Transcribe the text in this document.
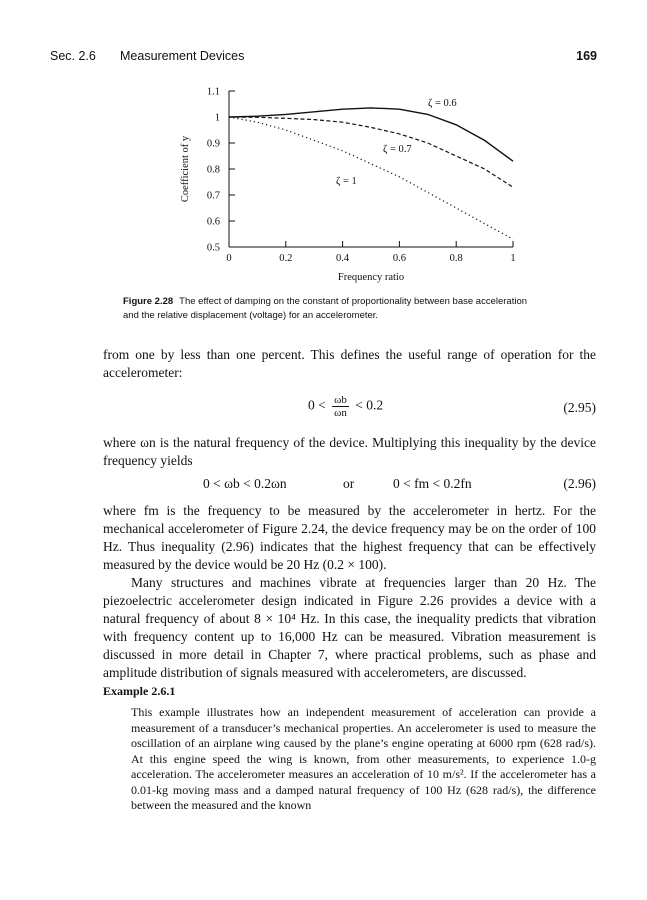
Sec. 2.6 Measurement Devices	169
0.5
0.6
0.7
0.8
0.9
1
1.1
0	0.2	0.4	0.6	0.8	1
ζ = 0.6
ζ = 0.7
ζ = 1
Frequency ratio
Coefficient of y
Figure 2.28 The effect of damping on the constant of proportionality between base acceleration and the relative displacement (voltage) for an accelerometer.

from one by less than one percent. This defines the useful range of operation for the accelerometer:

$0 < \frac{\omega b}{\omega n} < 0.2$	(2.95)

where ωn is the natural frequency of the device. Multiplying this inequality by the device frequency yields

0 < ωb < 0.2ωn	or	0 < fm < 0.2fn	(2.96)

where fm is the frequency to be measured by the accelerometer in hertz. For the mechanical accelerometer of Figure 2.24, the device frequency may be on the order of 100 Hz. Thus inequality (2.96) indicates that the highest frequency that can be effectively measured by the device would be 20 Hz (0.2 × 100).

Many structures and machines vibrate at frequencies larger than 20 Hz. The piezoelectric accelerometer design indicated in Figure 2.26 provides a device with a natural frequency of about 8 × 10⁴ Hz. In this case, the inequality predicts that vibration with frequency content up to 16,000 Hz can be measured. Vibration measurement is discussed in more detail in Chapter 7, where practical problems, such as phase and amplitude distribution of signals measured with accelerometers, are discussed.

Example 2.6.1

This example illustrates how an independent measurement of acceleration can provide a measurement of a transducer’s mechanical properties. An accelerometer is used to measure the oscillation of an airplane wing caused by the plane’s engine operating at 6000 rpm (628 rad/s). At this engine speed the wing is known, from other measurements, to experience 1.0-g acceleration. The accelerometer measures an acceleration of 10 m/s². If the accelerometer has a 0.01-kg moving mass and a damped natural frequency of 100 Hz (628 rad/s), the difference between the measured and the known
